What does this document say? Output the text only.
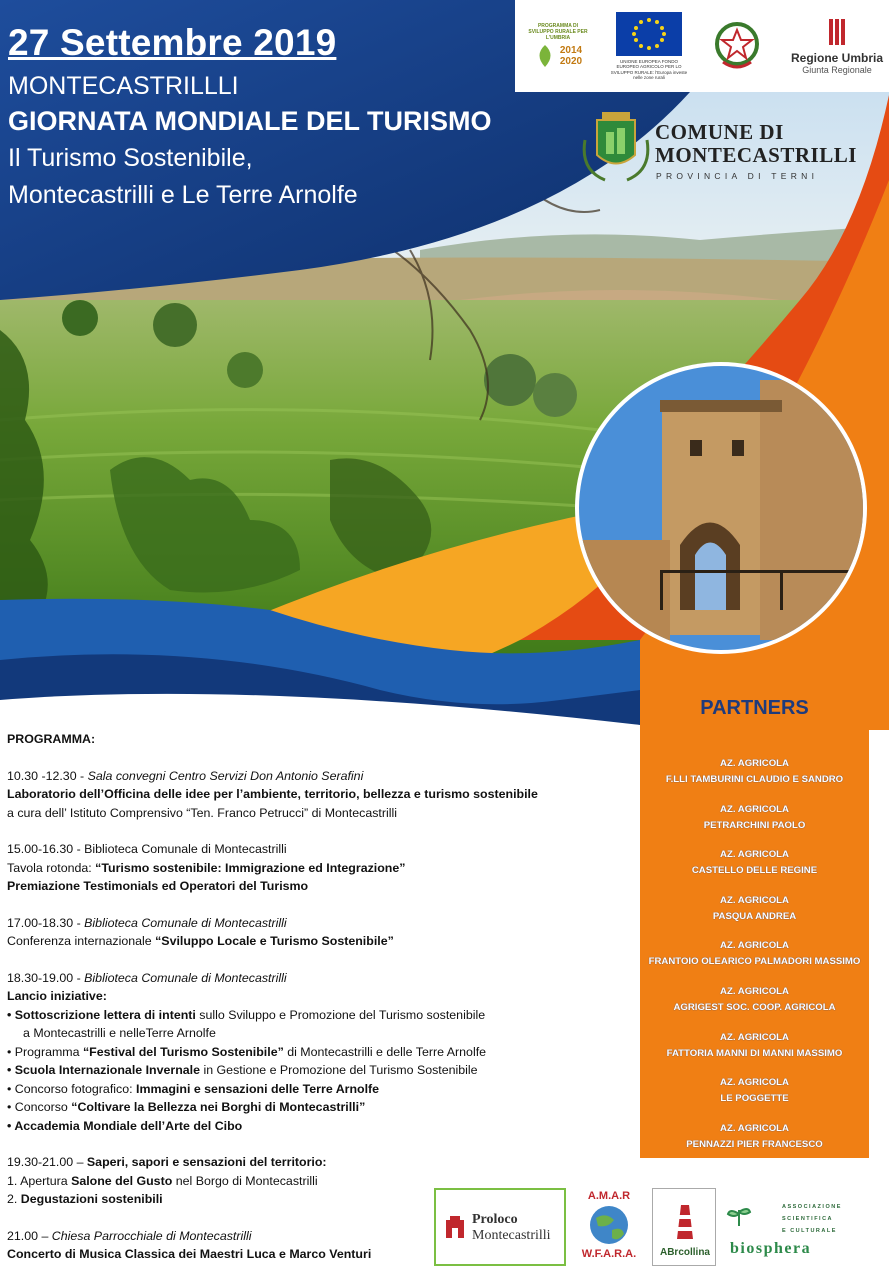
27 Settembre 2019
MONTECASTRILLLI
GIORNATA MONDIALE DEL TURISMO
Il Turismo Sostenibile,
Montecastrilli e Le Terre Arnolfe
PROGRAMMA DI SVILUPPO RURALE PER L'UMBRIA
2014
2020	UNIONE EUROPEA FONDO EUROPEO AGRICOLO PER LO SVILUPPO RURALE: l'Europa investe nelle zone rurali
Regione Umbria
Giunta Regionale
COMUNE DI
MONTECASTRILLI
PROVINCIA DI TERNI
PARTNERS
AZ. AGRICOLA
F.LLI TAMBURINI CLAUDIO E SANDRO
AZ. AGRICOLA
PETRARCHINI PAOLO
AZ. AGRICOLA
CASTELLO DELLE REGINE
AZ. AGRICOLA
PASQUA ANDREA
AZ. AGRICOLA
FRANTOIO OLEARICO PALMADORI MASSIMO
AZ. AGRICOLA
AGRIGEST SOC. COOP. AGRICOLA
AZ. AGRICOLA
FATTORIA MANNI DI MANNI MASSIMO
AZ. AGRICOLA
LE POGGETTE
AZ. AGRICOLA
PENNAZZI PIER FRANCESCO
PROGRAMMA:
10.30 -12.30 - Sala convegni Centro Servizi Don Antonio Serafini
Laboratorio dell’Officina delle idee per l’ambiente, territorio, bellezza e turismo sostenibile
a cura dell’ Istituto Comprensivo “Ten. Franco Petrucci” di Montecastrilli
15.00-16.30 - Biblioteca Comunale di Montecastrilli
Tavola rotonda: “Turismo sostenibile: Immigrazione ed Integrazione”
Premiazione Testimonials ed Operatori del Turismo
17.00-18.30 - Biblioteca Comunale di Montecastrilli
Conferenza internazionale “Sviluppo Locale e Turismo Sostenibile”
18.30-19.00 - Biblioteca Comunale di Montecastrilli
Lancio iniziative:
• Sottoscrizione lettera di intenti sullo Sviluppo e Promozione del Turismo sostenibile
a Montecastrilli e nelleTerre Arnolfe
• Programma “Festival del Turismo Sostenibile” di Montecastrilli e delle Terre Arnolfe
• Scuola Internazionale Invernale in Gestione e Promozione del Turismo Sostenibile
• Concorso fotografico: Immagini e sensazioni delle Terre Arnolfe
• Concorso “Coltivare la Bellezza nei Borghi di Montecastrilli”
• Accademia Mondiale dell’Arte del Cibo
19.30-21.00 – Saperi, sapori e sensazioni del territorio:
1. Apertura Salone del Gusto nel Borgo di Montecastrilli
2. Degustazioni sostenibili
21.00 – Chiesa Parrocchiale di Montecastrilli
Concerto di Musica Classica dei Maestri Luca e Marco Venturi
Proloco
Montecastrilli
A.M.A.R
W.F.A.R.A.	ABrcollina
ASSOCIAZIONE
SCIENTIFICA
E CULTURALE
biosphera
